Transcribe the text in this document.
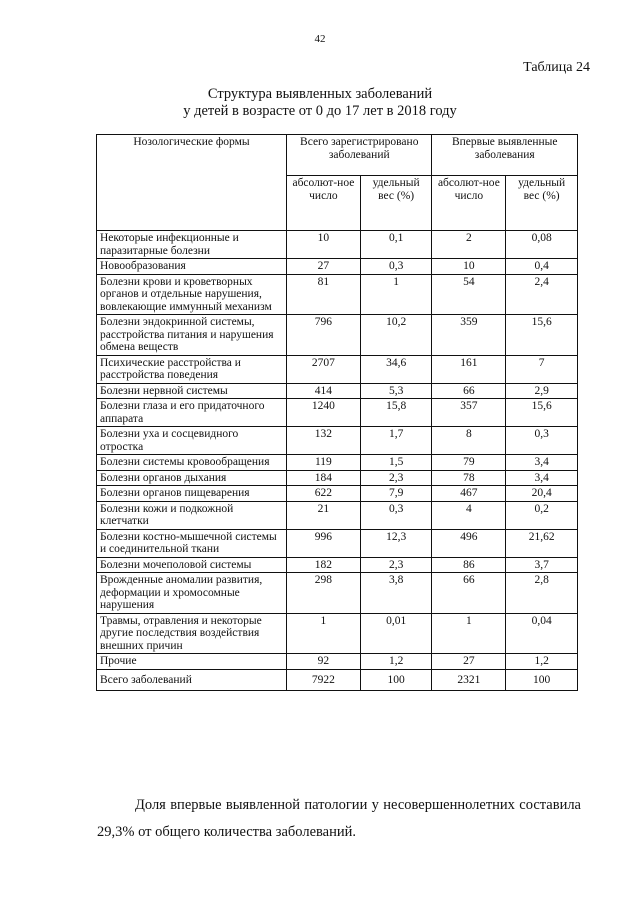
42
Таблица 24
Структура выявленных заболеваний
у детей в возрасте от 0 до 17 лет в 2018 году
Нозологические формы	Всего зарегистрировано заболеваний		Впервые выявленные заболевания	
	абсолют-ное число	удельный вес (%)	абсолют-ное число	удельный вес (%)
Некоторые инфекционные и паразитарные болезни	10	0,1	2	0,08
Новообразования	27	0,3	10	0,4
Болезни крови и кроветворных органов и отдельные нарушения, вовлекающие иммунный механизм	81	1	54	2,4
Болезни эндокринной системы, расстройства питания и нарушения обмена веществ	796	10,2	359	15,6
Психические расстройства и расстройства поведения	2707	34,6	161	7
Болезни нервной системы	414	5,3	66	2,9
Болезни глаза и его придаточного аппарата	1240	15,8	357	15,6
Болезни уха и сосцевидного отростка	132	1,7	8	0,3
Болезни системы кровообращения	119	1,5	79	3,4
Болезни органов дыхания	184	2,3	78	3,4
Болезни органов пищеварения	622	7,9	467	20,4
Болезни кожи и подкожной клетчатки	21	0,3	4	0,2
Болезни костно-мышечной системы и соединительной ткани	996	12,3	496	21,62
Болезни мочеполовой системы	182	2,3	86	3,7
Врожденные аномалии развития, деформации и хромосомные нарушения	298	3,8	66	2,8
Травмы, отравления и некоторые другие последствия воздействия внешних причин	1	0,01	1	0,04
Прочие	92	1,2	27	1,2
Всего заболеваний	7922	100	2321	100
Доля впервые выявленной патологии у несовершеннолетних составила
29,3% от общего количества заболеваний.
